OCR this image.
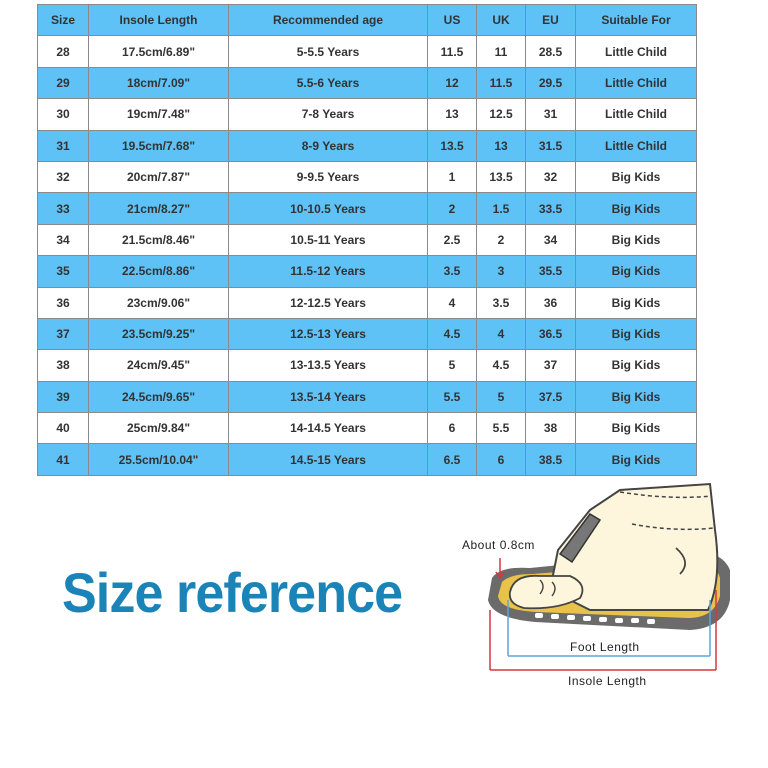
Size	Insole Length	Recommended age	US	UK	EU	Suitable For
28	17.5cm/6.89"	5-5.5 Years	11.5	11	28.5	Little Child
29	18cm/7.09"	5.5-6 Years	12	11.5	29.5	Little Child
30	19cm/7.48"	7-8 Years	13	12.5	31	Little Child
31	19.5cm/7.68"	8-9 Years	13.5	13	31.5	Little Child
32	20cm/7.87"	9-9.5 Years	1	13.5	32	Big Kids
33	21cm/8.27"	10-10.5 Years	2	1.5	33.5	Big Kids
34	21.5cm/8.46"	10.5-11 Years	2.5	2	34	Big Kids
35	22.5cm/8.86"	11.5-12 Years	3.5	3	35.5	Big Kids
36	23cm/9.06"	12-12.5 Years	4	3.5	36	Big Kids
37	23.5cm/9.25"	12.5-13 Years	4.5	4	36.5	Big Kids
38	24cm/9.45"	13-13.5 Years	5	4.5	37	Big Kids
39	24.5cm/9.65"	13.5-14 Years	5.5	5	37.5	Big Kids
40	25cm/9.84"	14-14.5 Years	6	5.5	38	Big Kids
41	25.5cm/10.04"	14.5-15 Years	6.5	6	38.5	Big Kids
Size reference
About 0.8cm
Foot Length
Insole Length
